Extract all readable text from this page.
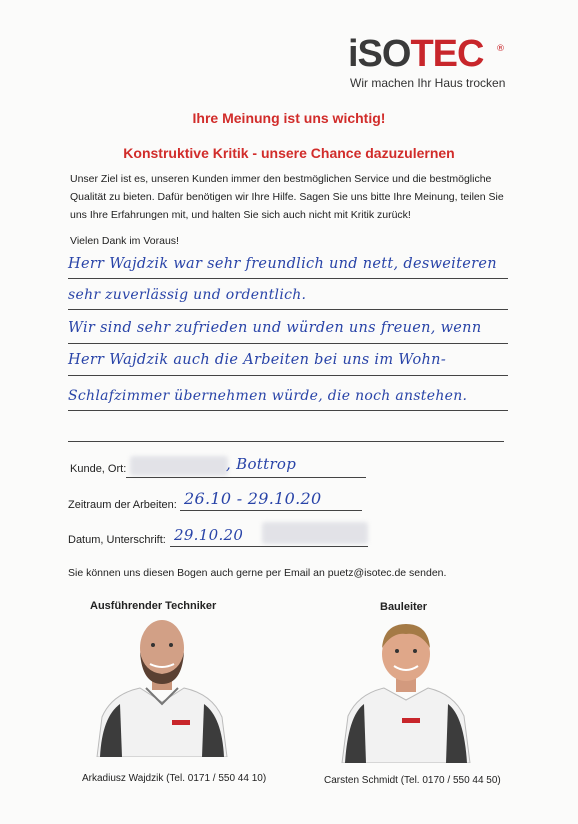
iSOTEC ®
Wir machen Ihr Haus trocken
Ihre Meinung ist uns wichtig!
Konstruktive Kritik - unsere Chance dazuzulernen
Unser Ziel ist es, unseren Kunden immer den bestmöglichen Service und die bestmögliche Qualität zu bieten. Dafür benötigen wir Ihre Hilfe. Sagen Sie uns bitte Ihre Meinung, teilen Sie uns Ihre Erfahrungen mit, und halten Sie sich auch nicht mit Kritik zurück!
Vielen Dank im Voraus!
Herr Wajdzik war sehr freundlich und nett, desweiteren
sehr zuverlässig und ordentlich.
Wir sind sehr zufrieden und würden uns freuen, wenn
Herr Wajdzik auch die Arbeiten bei uns im Wohn-
Schlafzimmer übernehmen würde, die noch anstehen.
Kunde, Ort:	, Bottrop
Zeitraum der Arbeiten: 26.10 - 29.10.20
Datum, Unterschrift: 29.10.20
Sie können uns diesen Bogen auch gerne per Email an puetz@isotec.de senden.
Ausführender Techniker
Arkadiusz Wajdzik (Tel. 0171 / 550 44 10)
Bauleiter
Carsten Schmidt (Tel. 0170 / 550 44 50)
